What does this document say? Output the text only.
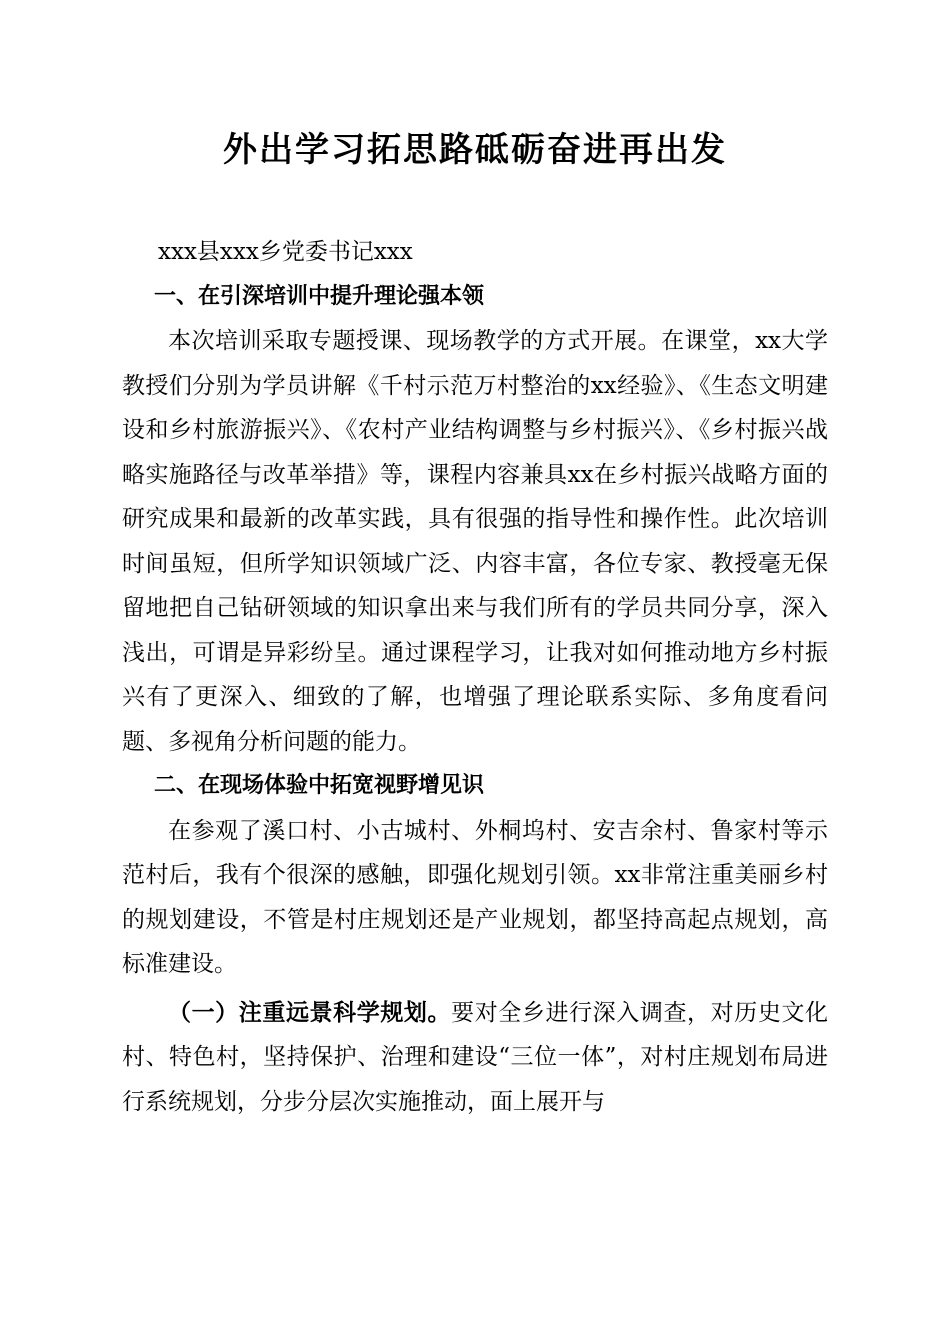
外出学习拓思路砥砺奋进再出发

xxx县xxx乡党委书记xxx

一、在引深培训中提升理论强本领

本次培训采取专题授课、现场教学的方式开展。在课堂，xx大学教授们分别为学员讲解《千村示范万村整治的xx经验》、《生态文明建设和乡村旅游振兴》、《农村产业结构调整与乡村振兴》、《乡村振兴战略实施路径与改革举措》等，课程内容兼具xx在乡村振兴战略方面的研究成果和最新的改革实践，具有很强的指导性和操作性。此次培训时间虽短，但所学知识领域广泛、内容丰富，各位专家、教授毫无保留地把自己钻研领域的知识拿出来与我们所有的学员共同分享，深入浅出，可谓是异彩纷呈。通过课程学习，让我对如何推动地方乡村振兴有了更深入、细致的了解，也增强了理论联系实际、多角度看问题、多视角分析问题的能力。

二、在现场体验中拓宽视野增见识

在参观了溪口村、小古城村、外桐坞村、安吉余村、鲁家村等示范村后，我有个很深的感触，即强化规划引领。xx非常注重美丽乡村的规划建设，不管是村庄规划还是产业规划，都坚持高起点规划，高标准建设。

（一）注重远景科学规划。要对全乡进行深入调查，对历史文化村、特色村，坚持保护、治理和建设“三位一体”，对村庄规划布局进行系统规划，分步分层次实施推动，面上展开与
